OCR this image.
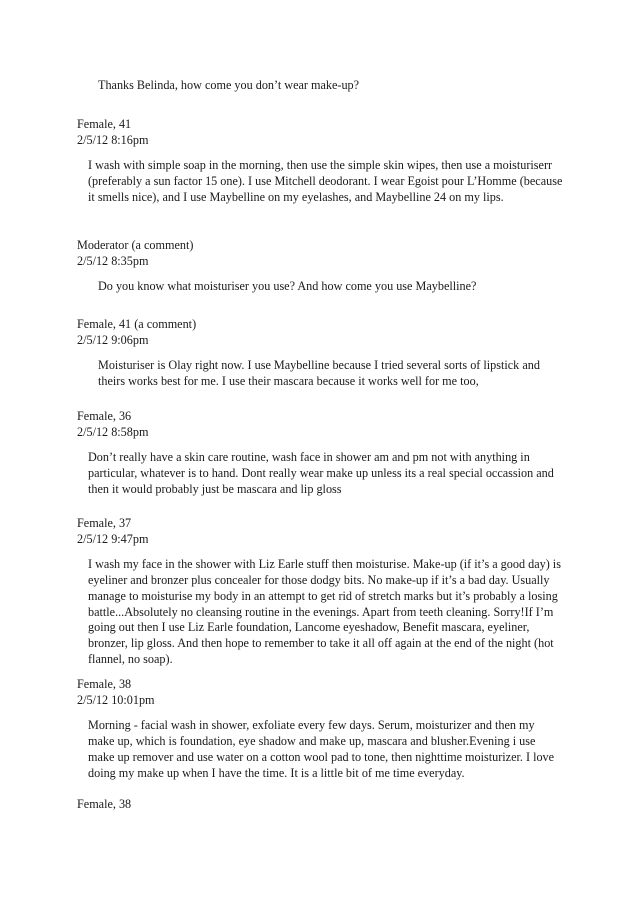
Thanks Belinda, how come you don’t wear make-up?
Female, 41
2/5/12 8:16pm
I wash with simple soap in the morning, then use the simple skin wipes, then use a moisturiserr (preferably a sun factor 15 one). I use Mitchell deodorant. I wear Egoist pour L’Homme (because it smells nice), and I use Maybelline on my eyelashes, and Maybelline 24 on my lips.
Moderator (a comment)
2/5/12 8:35pm
Do you know what moisturiser you use? And how come you use Maybelline?
Female, 41 (a comment)
2/5/12 9:06pm
Moisturiser is Olay right now. I use Maybelline because I tried several sorts of lipstick and theirs works best for me. I use their mascara because it works well for me too,
Female, 36
2/5/12 8:58pm
Don’t really have a skin care routine, wash face in shower am and pm not with anything in particular, whatever is to hand. Dont really wear make up unless its a real special occassion and then it would probably just be mascara and lip gloss
Female, 37
2/5/12 9:47pm
I wash my face in the shower with Liz Earle stuff then moisturise. Make-up (if it’s a good day) is eyeliner and bronzer plus concealer for those dodgy bits. No make-up if it’s a bad day. Usually manage to moisturise my body in an attempt to get rid of stretch marks but it’s probably a losing battle...Absolutely no cleansing routine in the evenings. Apart from teeth cleaning. Sorry!If I’m going out then I use Liz Earle foundation, Lancome eyeshadow, Benefit mascara, eyeliner, bronzer, lip gloss. And then hope to remember to take it all off again at the end of the night (hot flannel, no soap).
Female, 38
2/5/12 10:01pm
Morning - facial wash in shower, exfoliate every few days. Serum, moisturizer and then my make up, which is foundation, eye shadow and make up, mascara and blusher.Evening i use make up remover and use water on a cotton wool pad to tone, then nighttime moisturizer. I love doing my make up when I have the time. It is a little bit of me time everyday.
Female, 38
